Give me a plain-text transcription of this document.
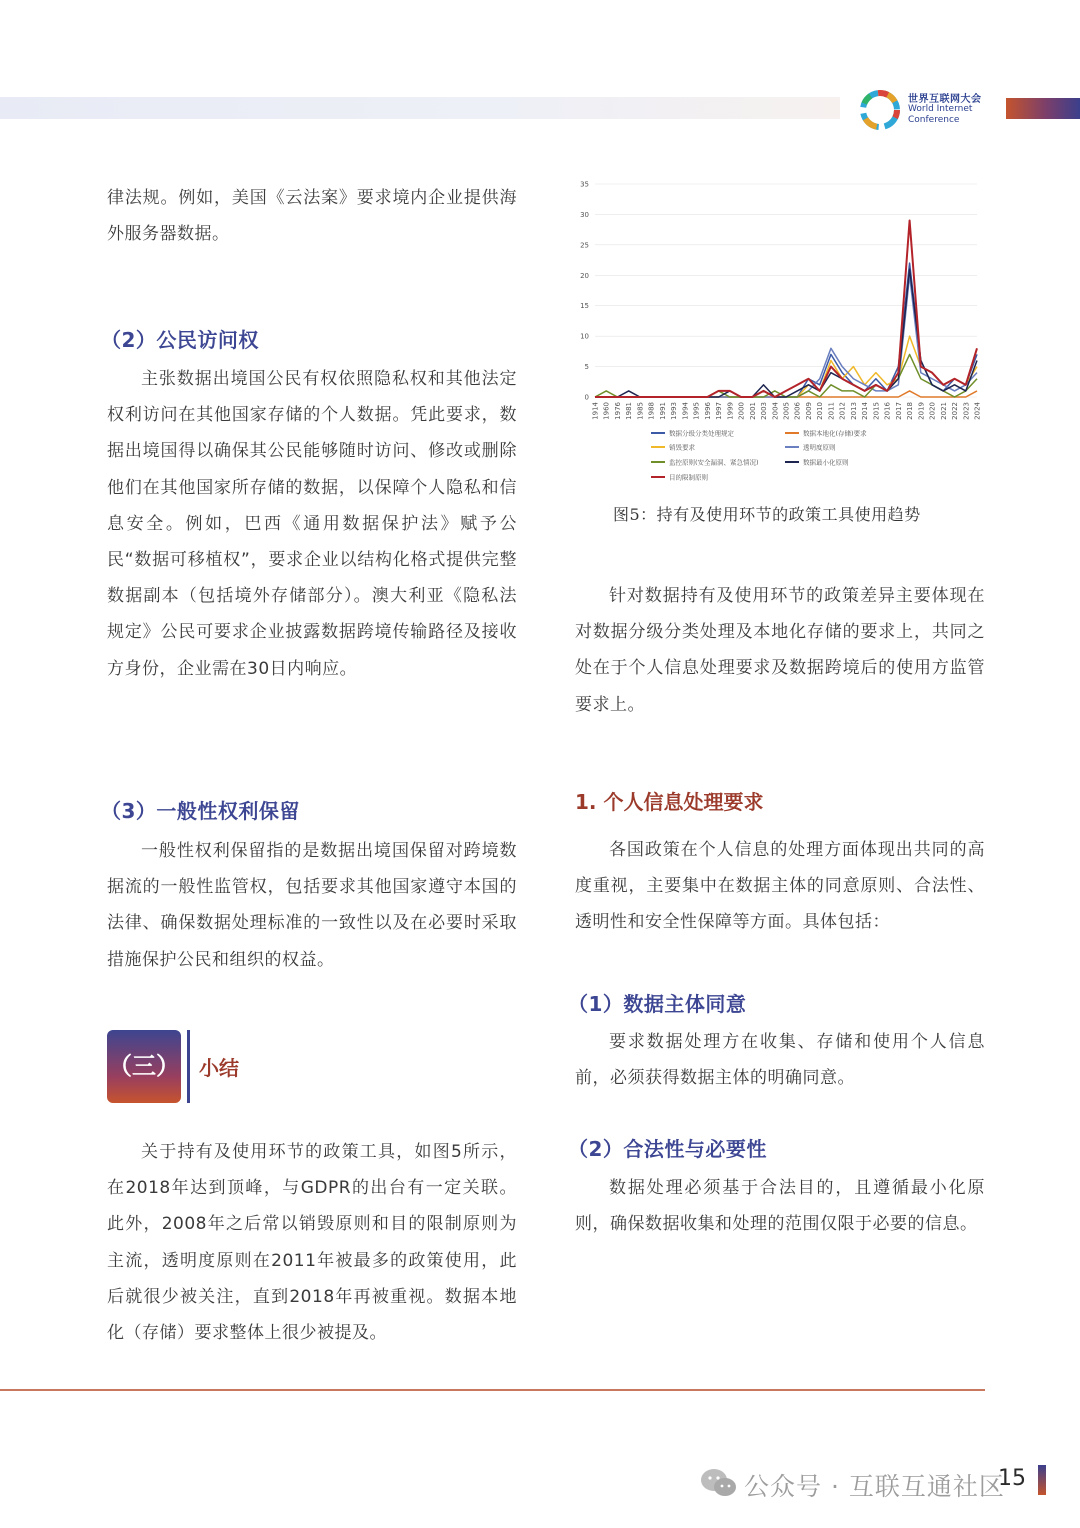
世界互联网大会
World Internet
Conference

律法规。例如，美国《云法案》要求境内企业提供海外服务器数据。

（2）公民访问权

主张数据出境国公民有权依照隐私权和其他法定权利访问在其他国家存储的个人数据。凭此要求，数据出境国得以确保其公民能够随时访问、修改或删除他们在其他国家所存储的数据，以保障个人隐私和信息安全。例如，巴西《通用数据保护法》赋予公民“数据可移植权”，要求企业以结构化格式提供完整数据副本（包括境外存储部分）。澳大利亚《隐私法规定》公民可要求企业披露数据跨境传输路径及接收方身份，企业需在30日内响应。

（3）一般性权利保留

一般性权利保留指的是数据出境国保留对跨境数据流的一般性监管权，包括要求其他国家遵守本国的法律、确保数据处理标准的一致性以及在必要时采取措施保护公民和组织的权益。

（三） 小结

关于持有及使用环节的政策工具，如图5所示，在2018年达到顶峰，与GDPR的出台有一定关联。此外，2008年之后常以销毁原则和目的限制原则为主流，透明度原则在2011年被最多的政策使用，此后就很少被关注，直到2018年再被重视。数据本地化（存储）要求整体上很少被提及。

0
5
10
15
20
25
30
35
1914 1960 1976 1981 1985 1988 1991 1993 1994 1995 1996 1997 1999 2000 2001 2003 2004 2005 2006 2009 2010 2011 2012 2013 2014 2015 2016 2017 2018 2019 2020 2021 2022 2023 2024
数据分级分类处理规定	数据本地化(存储)要求
销毁要求	透明度原则
监控原则(安全漏洞、紧急情况)	数据最小化原则
目的限制原则
图5：持有及使用环节的政策工具使用趋势

针对数据持有及使用环节的政策差异主要体现在对数据分级分类处理及本地化存储的要求上，共同之处在于个人信息处理要求及数据跨境后的使用方监管要求上。

1. 个人信息处理要求

各国政策在个人信息的处理方面体现出共同的高度重视，主要集中在数据主体的同意原则、合法性、透明性和安全性保障等方面。具体包括：

（1）数据主体同意

要求数据处理方在收集、存储和使用个人信息前，必须获得数据主体的明确同意。

（2）合法性与必要性

数据处理必须基于合法目的，且遵循最小化原则，确保数据收集和处理的范围仅限于必要的信息。

公众号 · 互联互通社区
15
